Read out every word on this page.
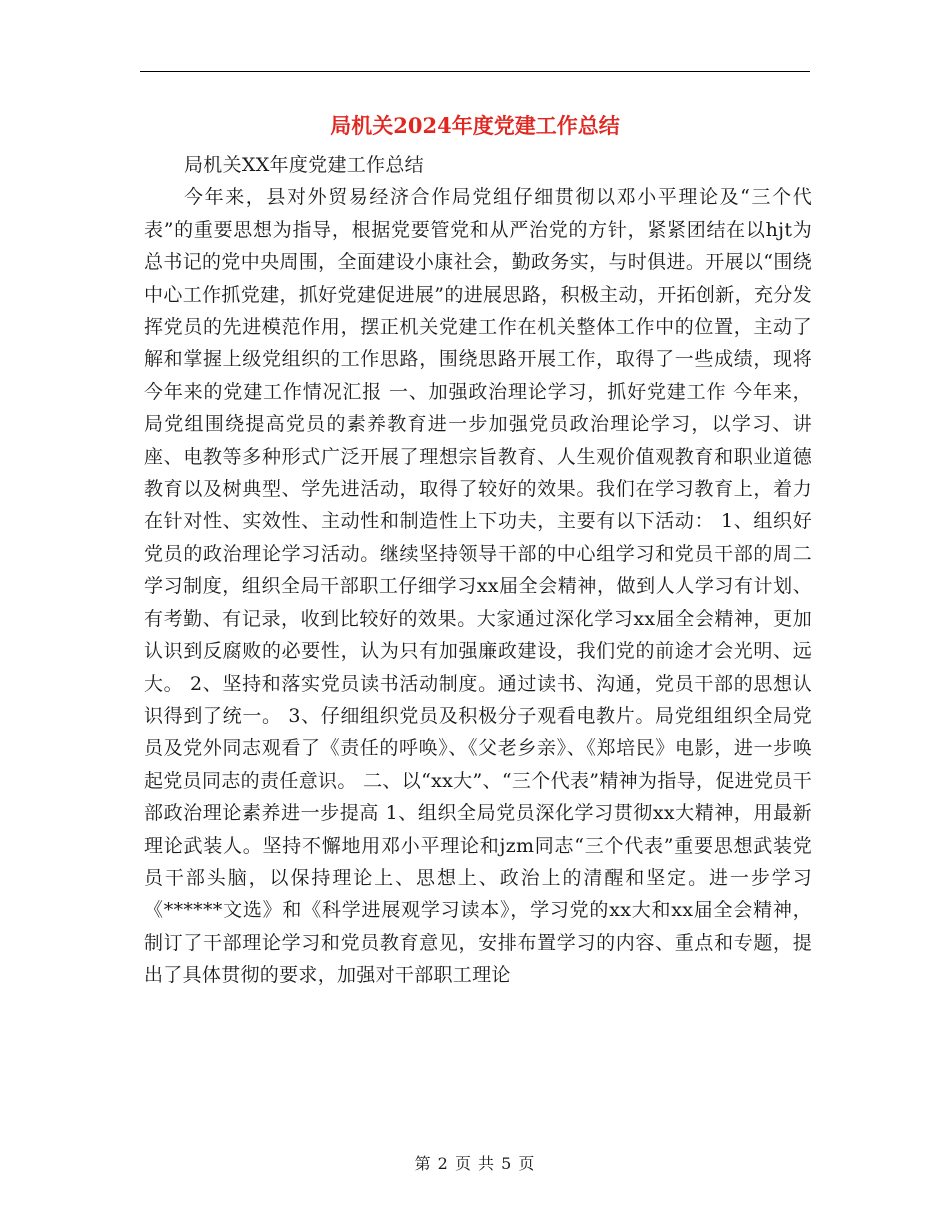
局机关2024年度党建工作总结

局机关XX年度党建工作总结

今年来，县对外贸易经济合作局党组仔细贯彻以邓小平理论及“三个代表”的重要思想为指导，根据党要管党和从严治党的方针，紧紧团结在以hjt为总书记的党中央周围，全面建设小康社会，勤政务实，与时俱进。开展以“围绕中心工作抓党建，抓好党建促进展”的进展思路，积极主动，开拓创新，充分发挥党员的先进模范作用，摆正机关党建工作在机关整体工作中的位置，主动了解和掌握上级党组织的工作思路，围绕思路开展工作，取得了一些成绩，现将今年来的党建工作情况汇报 一、加强政治理论学习，抓好党建工作 今年来，局党组围绕提高党员的素养教育进一步加强党员政治理论学习，以学习、讲座、电教等多种形式广泛开展了理想宗旨教育、人生观价值观教育和职业道德教育以及树典型、学先进活动，取得了较好的效果。我们在学习教育上，着力在针对性、实效性、主动性和制造性上下功夫，主要有以下活动： 1、组织好党员的政治理论学习活动。继续坚持领导干部的中心组学习和党员干部的周二学习制度，组织全局干部职工仔细学习xx届全会精神，做到人人学习有计划、有考勤、有记录，收到比较好的效果。大家通过深化学习xx届全会精神，更加认识到反腐败的必要性，认为只有加强廉政建设，我们党的前途才会光明、远大。 2、坚持和落实党员读书活动制度。通过读书、沟通，党员干部的思想认识得到了统一。 3、仔细组织党员及积极分子观看电教片。局党组组织全局党员及党外同志观看了《责任的呼唤》、《父老乡亲》、《郑培民》电影，进一步唤起党员同志的责任意识。 二、以“xx大”、“三个代表”精神为指导，促进党员干部政治理论素养进一步提高 1、组织全局党员深化学习贯彻xx大精神，用最新理论武装人。坚持不懈地用邓小平理论和jzm同志“三个代表”重要思想武装党员干部头脑，以保持理论上、思想上、政治上的清醒和坚定。进一步学习《******文选》和《科学进展观学习读本》，学习党的xx大和xx届全会精神，制订了干部理论学习和党员教育意见，安排布置学习的内容、重点和专题，提出了具体贯彻的要求，加强对干部职工理论

第 2 页 共 5 页
